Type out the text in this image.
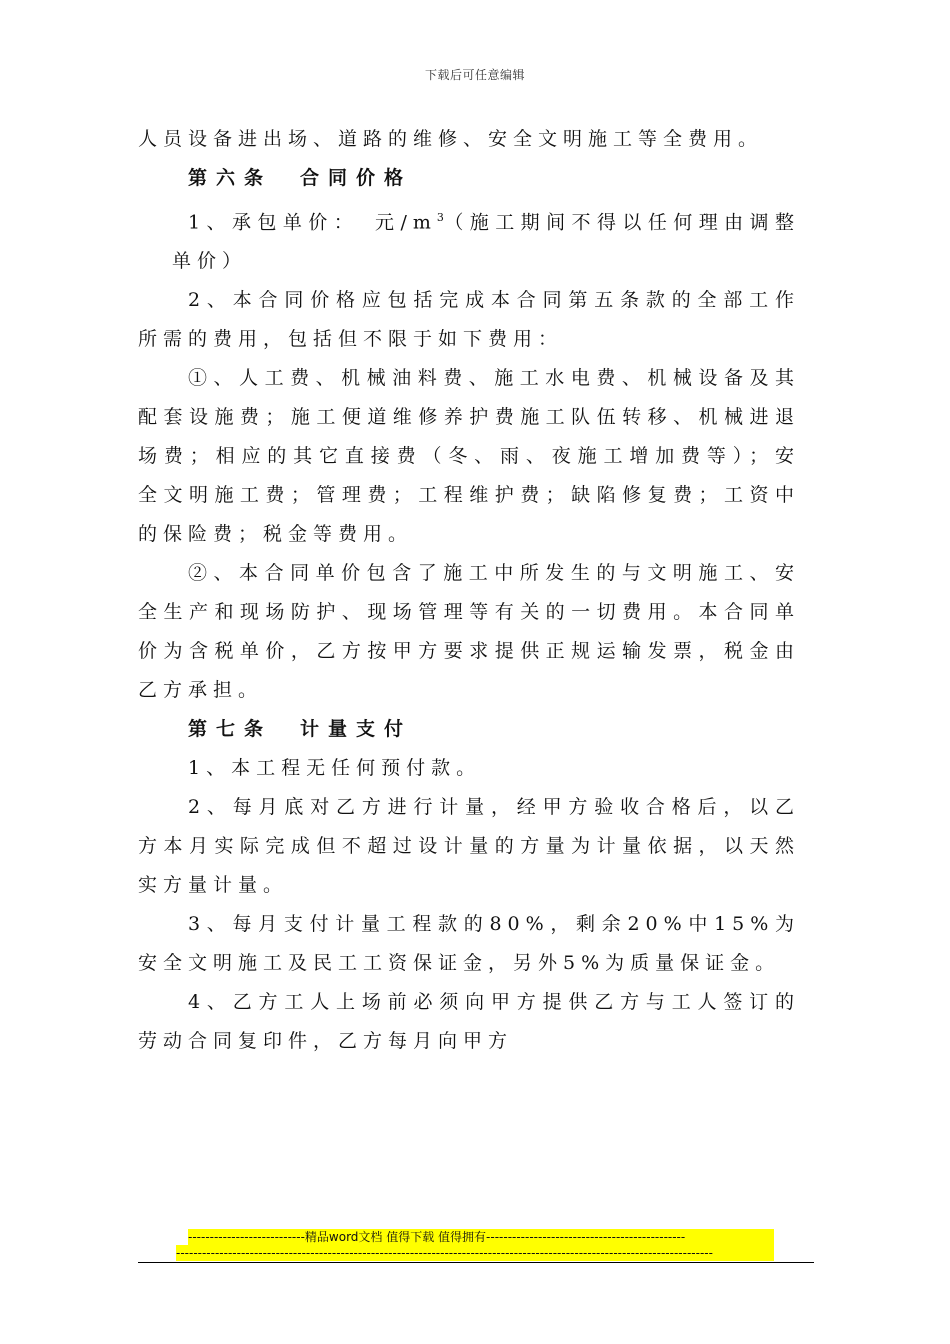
下载后可任意编辑

人员设备进出场、道路的维修、安全文明施工等全费用。

第六条　合同价格

1、承包单价：　元$/m^3$（施工期间不得以任何理由调整单价）

2、本合同价格应包括完成本合同第五条款的全部工作所需的费用，包括但不限于如下费用：

①、人工费、机械油料费、施工水电费、机械设备及其配套设施费；施工便道维修养护费施工队伍转移、机械进退场费；相应的其它直接费（冬、雨、夜施工增加费等）；安全文明施工费；管理费；工程维护费；缺陷修复费；工资中的保险费；税金等费用。

②、本合同单价包含了施工中所发生的与文明施工、安全生产和现场防护、现场管理等有关的一切费用。本合同单价为含税单价，乙方按甲方要求提供正规运输发票，税金由乙方承担。

第七条　计量支付

1、本工程无任何预付款。

2、每月底对乙方进行计量，经甲方验收合格后，以乙方本月实际完成但不超过设计量的方量为计量依据，以天然实方量计量。

3、每月支付计量工程款的80%，剩余20%中15%为安全文明施工及民工工资保证金，另外5%为质量保证金。

4、乙方工人上场前必须向甲方提供乙方与工人签订的劳动合同复印件，乙方每月向甲方

---------------------------精品word文档 值得下载 值得拥有----------------------------------------------
----------------------------------------------------------------------------------------------------------------------------
